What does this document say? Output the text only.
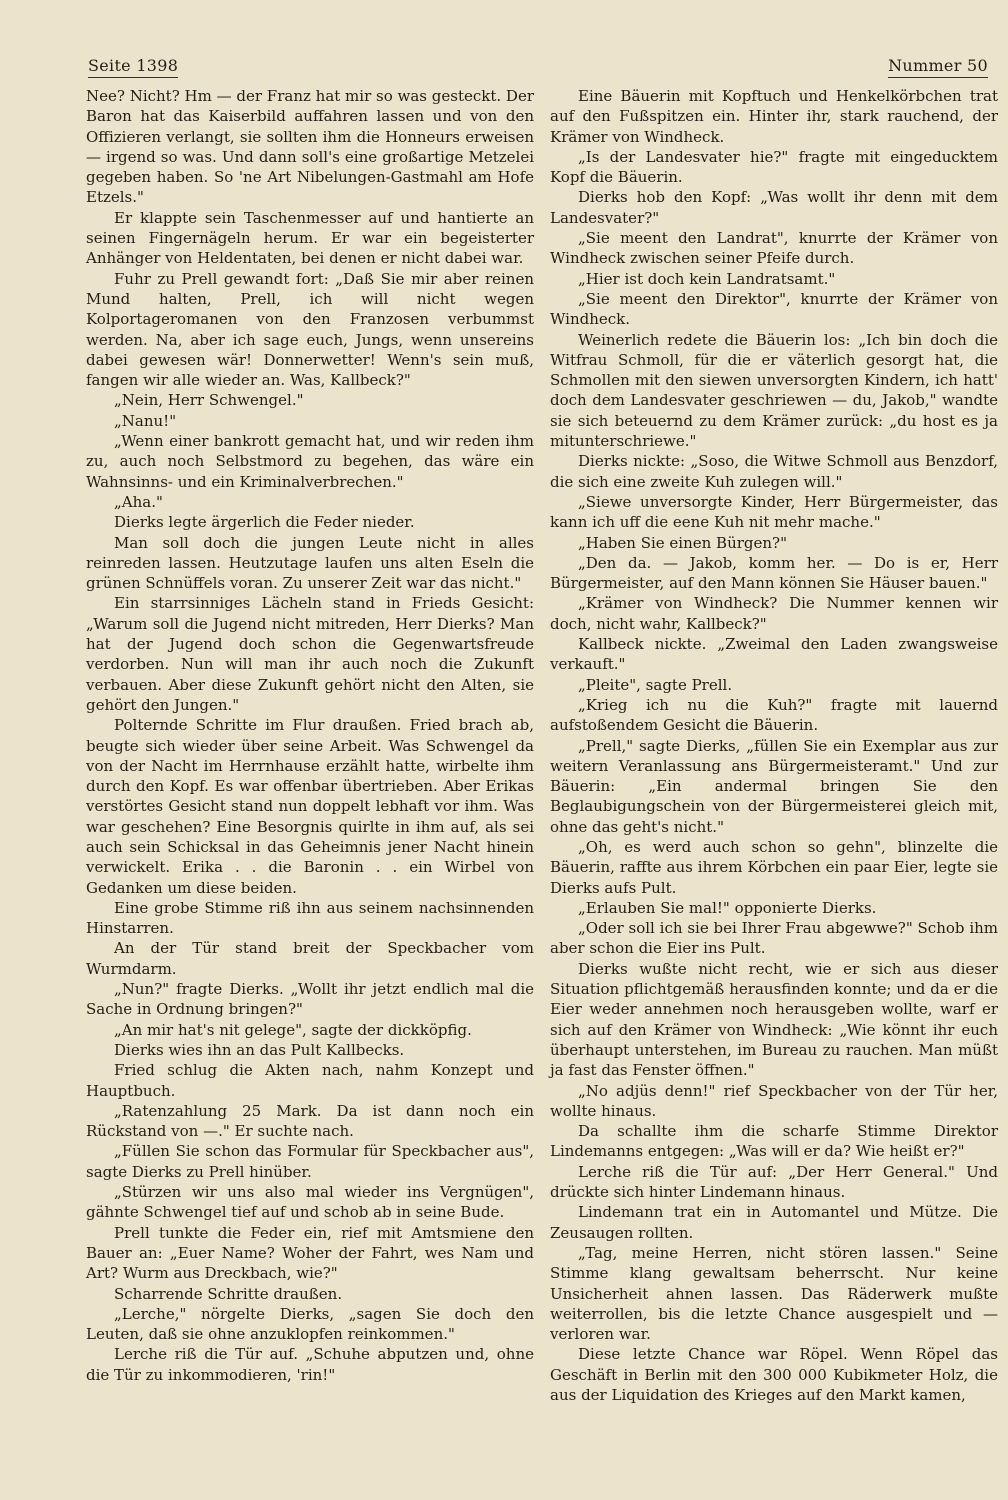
Seite 1398	Nummer 50

Nee? Nicht? Hm — der Franz hat mir so was gesteckt. Der Baron hat das Kaiserbild auffahren lassen und von den Offizieren verlangt, sie sollten ihm die Honneurs erweisen — irgend so was. Und dann soll's eine großartige Metzelei gegeben haben. So 'ne Art Nibelungen-Gastmahl am Hofe Etzels."

Er klappte sein Taschenmesser auf und hantierte an seinen Fingernägeln herum. Er war ein begeisterter Anhänger von Heldentaten, bei denen er nicht dabei war.

Fuhr zu Prell gewandt fort: „Daß Sie mir aber reinen Mund halten, Prell, ich will nicht wegen Kolportageromanen von den Franzosen verbummst werden. Na, aber ich sage euch, Jungs, wenn unsereins dabei gewesen wär! Donnerwetter! Wenn's sein muß, fangen wir alle wieder an. Was, Kallbeck?"

„Nein, Herr Schwengel."

„Nanu!"

„Wenn einer bankrott gemacht hat, und wir reden ihm zu, auch noch Selbstmord zu begehen, das wäre ein Wahnsinns- und ein Kriminalverbrechen."

„Aha."

Dierks legte ärgerlich die Feder nieder.

Man soll doch die jungen Leute nicht in alles reinreden lassen. Heutzutage laufen uns alten Eseln die grünen Schnüffels voran. Zu unserer Zeit war das nicht."

Ein starrsinniges Lächeln stand in Frieds Gesicht: „Warum soll die Jugend nicht mitreden, Herr Dierks? Man hat der Jugend doch schon die Gegenwartsfreude verdorben. Nun will man ihr auch noch die Zukunft verbauen. Aber diese Zukunft gehört nicht den Alten, sie gehört den Jungen."

Polternde Schritte im Flur draußen. Fried brach ab, beugte sich wieder über seine Arbeit. Was Schwengel da von der Nacht im Herrnhause erzählt hatte, wirbelte ihm durch den Kopf. Es war offenbar übertrieben. Aber Erikas verstörtes Gesicht stand nun doppelt lebhaft vor ihm. Was war geschehen? Eine Besorgnis quirlte in ihm auf, als sei auch sein Schicksal in das Geheimnis jener Nacht hinein verwickelt. Erika . . die Baronin . . ein Wirbel von Gedanken um diese beiden.

Eine grobe Stimme riß ihn aus seinem nachsinnenden Hinstarren.

An der Tür stand breit der Speckbacher vom Wurmdarm.

„Nun?" fragte Dierks. „Wollt ihr jetzt endlich mal die Sache in Ordnung bringen?"

„An mir hat's nit gelege", sagte der dickköpfig.

Dierks wies ihn an das Pult Kallbecks.

Fried schlug die Akten nach, nahm Konzept und Hauptbuch.

„Ratenzahlung 25 Mark. Da ist dann noch ein Rückstand von —." Er suchte nach.

„Füllen Sie schon das Formular für Speckbacher aus", sagte Dierks zu Prell hinüber.

„Stürzen wir uns also mal wieder ins Vergnügen", gähnte Schwengel tief auf und schob ab in seine Bude.

Prell tunkte die Feder ein, rief mit Amtsmiene den Bauer an: „Euer Name? Woher der Fahrt, wes Nam und Art? Wurm aus Dreckbach, wie?"

Scharrende Schritte draußen.

„Lerche," nörgelte Dierks, „sagen Sie doch den Leuten, daß sie ohne anzuklopfen reinkommen."

Lerche riß die Tür auf. „Schuhe abputzen und, ohne die Tür zu inkommodieren, 'rin!"

Eine Bäuerin mit Kopftuch und Henkelkörbchen trat auf den Fußspitzen ein. Hinter ihr, stark rauchend, der Krämer von Windheck.

„Is der Landesvater hie?" fragte mit eingeducktem Kopf die Bäuerin.

Dierks hob den Kopf: „Was wollt ihr denn mit dem Landesvater?"

„Sie meent den Landrat", knurrte der Krämer von Windheck zwischen seiner Pfeife durch.

„Hier ist doch kein Landratsamt."

„Sie meent den Direktor", knurrte der Krämer von Windheck.

Weinerlich redete die Bäuerin los: „Ich bin doch die Witfrau Schmoll, für die er väterlich gesorgt hat, die Schmollen mit den siewen unversorgten Kindern, ich hatt' doch dem Landesvater geschriewen — du, Jakob," wandte sie sich beteuernd zu dem Krämer zurück: „du host es ja mitunterschriewe."

Dierks nickte: „Soso, die Witwe Schmoll aus Benzdorf, die sich eine zweite Kuh zulegen will."

„Siewe unversorgte Kinder, Herr Bürgermeister, das kann ich uff die eene Kuh nit mehr mache."

„Haben Sie einen Bürgen?"

„Den da. — Jakob, komm her. — Do is er, Herr Bürgermeister, auf den Mann können Sie Häuser bauen."

„Krämer von Windheck? Die Nummer kennen wir doch, nicht wahr, Kallbeck?"

Kallbeck nickte. „Zweimal den Laden zwangsweise verkauft."

„Pleite", sagte Prell.

„Krieg ich nu die Kuh?" fragte mit lauernd aufstoßendem Gesicht die Bäuerin.

„Prell," sagte Dierks, „füllen Sie ein Exemplar aus zur weitern Veranlassung ans Bürgermeisteramt." Und zur Bäuerin: „Ein andermal bringen Sie den Beglaubigungschein von der Bürgermeisterei gleich mit, ohne das geht's nicht."

„Oh, es werd auch schon so gehn", blinzelte die Bäuerin, raffte aus ihrem Körbchen ein paar Eier, legte sie Dierks aufs Pult.

„Erlauben Sie mal!" opponierte Dierks.

„Oder soll ich sie bei Ihrer Frau abgewwe?" Schob ihm aber schon die Eier ins Pult.

Dierks wußte nicht recht, wie er sich aus dieser Situation pflichtgemäß herausfinden konnte; und da er die Eier weder annehmen noch herausgeben wollte, warf er sich auf den Krämer von Windheck: „Wie könnt ihr euch überhaupt unterstehen, im Bureau zu rauchen. Man müßt ja fast das Fenster öffnen."

„No adjüs denn!" rief Speckbacher von der Tür her, wollte hinaus.

Da schallte ihm die scharfe Stimme Direktor Lindemanns entgegen: „Was will er da? Wie heißt er?"

Lerche riß die Tür auf: „Der Herr General." Und drückte sich hinter Lindemann hinaus.

Lindemann trat ein in Automantel und Mütze. Die Zeusaugen rollten.

„Tag, meine Herren, nicht stören lassen." Seine Stimme klang gewaltsam beherrscht. Nur keine Unsicherheit ahnen lassen. Das Räderwerk mußte weiterrollen, bis die letzte Chance ausgespielt und — verloren war.

Diese letzte Chance war Röpel. Wenn Röpel das Geschäft in Berlin mit den 300 000 Kubikmeter Holz, die aus der Liquidation des Krieges auf den Markt kamen,
